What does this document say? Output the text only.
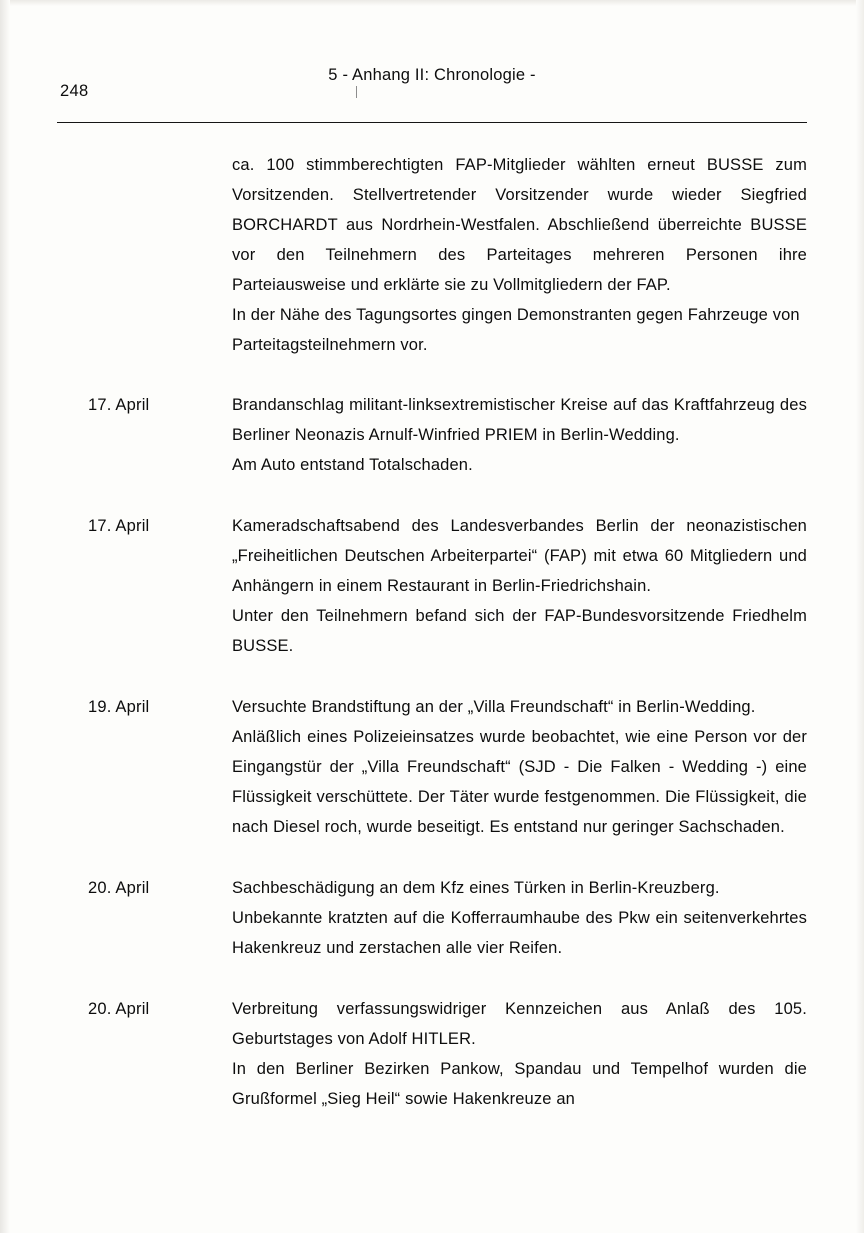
248
5 - Anhang II: Chronologie -

ca. 100 stimmberechtigten FAP-Mitglieder wählten erneut BUSSE zum Vorsitzenden. Stellvertretender Vorsitzender wurde wieder Siegfried BORCHARDT aus Nordrhein-Westfalen. Abschließend überreichte BUSSE vor den Teilnehmern des Parteitages mehreren Personen ihre Parteiausweise und erklärte sie zu Vollmitgliedern der FAP.

In der Nähe des Tagungsortes gingen Demonstranten gegen Fahrzeuge von Parteitagsteilnehmern vor.

17. April	Brandanschlag militant-linksextremistischer Kreise auf das Kraftfahrzeug des Berliner Neonazis Arnulf-Winfried PRIEM in Berlin-Wedding.

Am Auto entstand Totalschaden.

17. April	Kameradschaftsabend des Landesverbandes Berlin der neonazistischen „Freiheitlichen Deutschen Arbeiterpartei“ (FAP) mit etwa 60 Mitgliedern und Anhängern in einem Restaurant in Berlin-Friedrichshain.

Unter den Teilnehmern befand sich der FAP-Bundesvorsitzende Friedhelm BUSSE.

19. April	Versuchte Brandstiftung an der „Villa Freundschaft“ in Berlin-Wedding.

Anläßlich eines Polizeieinsatzes wurde beobachtet, wie eine Person vor der Eingangstür der „Villa Freundschaft“ (SJD - Die Falken - Wedding -) eine Flüssigkeit verschüttete. Der Täter wurde festgenommen. Die Flüssigkeit, die nach Diesel roch, wurde beseitigt. Es entstand nur geringer Sachschaden.

20. April	Sachbeschädigung an dem Kfz eines Türken in Berlin-Kreuzberg.

Unbekannte kratzten auf die Kofferraumhaube des Pkw ein seitenverkehrtes Hakenkreuz und zerstachen alle vier Reifen.

20. April	Verbreitung verfassungswidriger Kennzeichen aus Anlaß des 105. Geburtstages von Adolf HITLER.

In den Berliner Bezirken Pankow, Spandau und Tempelhof wurden die Grußformel „Sieg Heil“ sowie Hakenkreuze an
